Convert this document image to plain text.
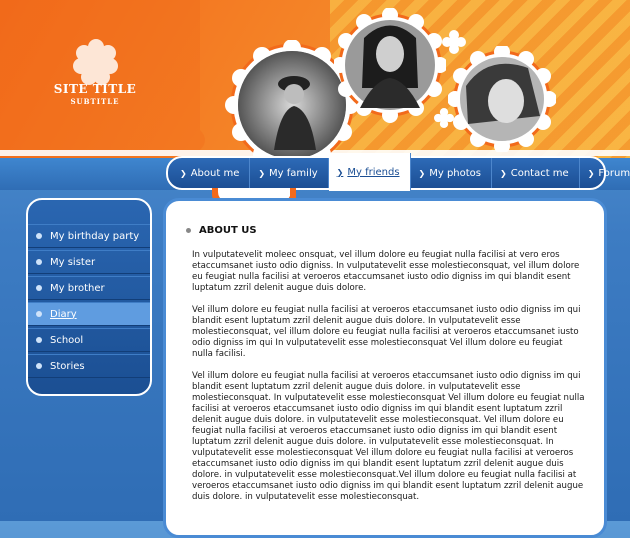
SITE TITLE
SUBTITLE
❯ About me ❯ My family ❯ My friends ❯ My photos ❯ Contact me ❯ Forum
My birthday party
My sister
My brother
Diary
School
Stories
ABOUT US

In vulputatevelit moleec onsquat, vel illum dolore eu feugiat nulla facilisi at vero eros etaccumsanet iusto odio digniss. In vulputatevelit esse molestieconsquat, vel illum dolore eu feugiat nulla facilisi at veroeros etaccumsanet iusto odio digniss im qui blandit esent luptatum zzril delenit augue duis dolore.

Vel illum dolore eu feugiat nulla facilisi at veroeros etaccumsanet iusto odio digniss im qui blandit esent luptatum zzril delenit augue duis dolore. In vulputatevelit esse molestieconsquat, vel illum dolore eu feugiat nulla facilisi at veroeros etaccumsanet iusto odio digniss im qui In vulputatevelit esse molestieconsquat Vel illum dolore eu feugiat nulla facilisi.

Vel illum dolore eu feugiat nulla facilisi at veroeros etaccumsanet iusto odio digniss im qui blandit esent luptatum zzril delenit augue duis dolore. in vulputatevelit esse molestieconsquat. In vulputatevelit esse molestieconsquat Vel illum dolore eu feugiat nulla facilisi at veroeros etaccumsanet iusto odio digniss im qui blandit esent luptatum zzril delenit augue duis dolore. in vulputatevelit esse molestieconsquat. Vel illum dolore eu feugiat nulla facilisi at veroeros etaccumsanet iusto odio digniss im qui blandit esent luptatum zzril delenit augue duis dolore. in vulputatevelit esse molestieconsquat. In vulputatevelit esse molestieconsquat Vel illum dolore eu feugiat nulla facilisi at veroeros etaccumsanet iusto odio digniss im qui blandit esent luptatum zzril delenit augue duis dolore. in vulputatevelit esse molestieconsquat.Vel illum dolore eu feugiat nulla facilisi at veroeros etaccumsanet iusto odio digniss im qui blandit esent luptatum zzril delenit augue duis dolore. in vulputatevelit esse molestieconsquat.
